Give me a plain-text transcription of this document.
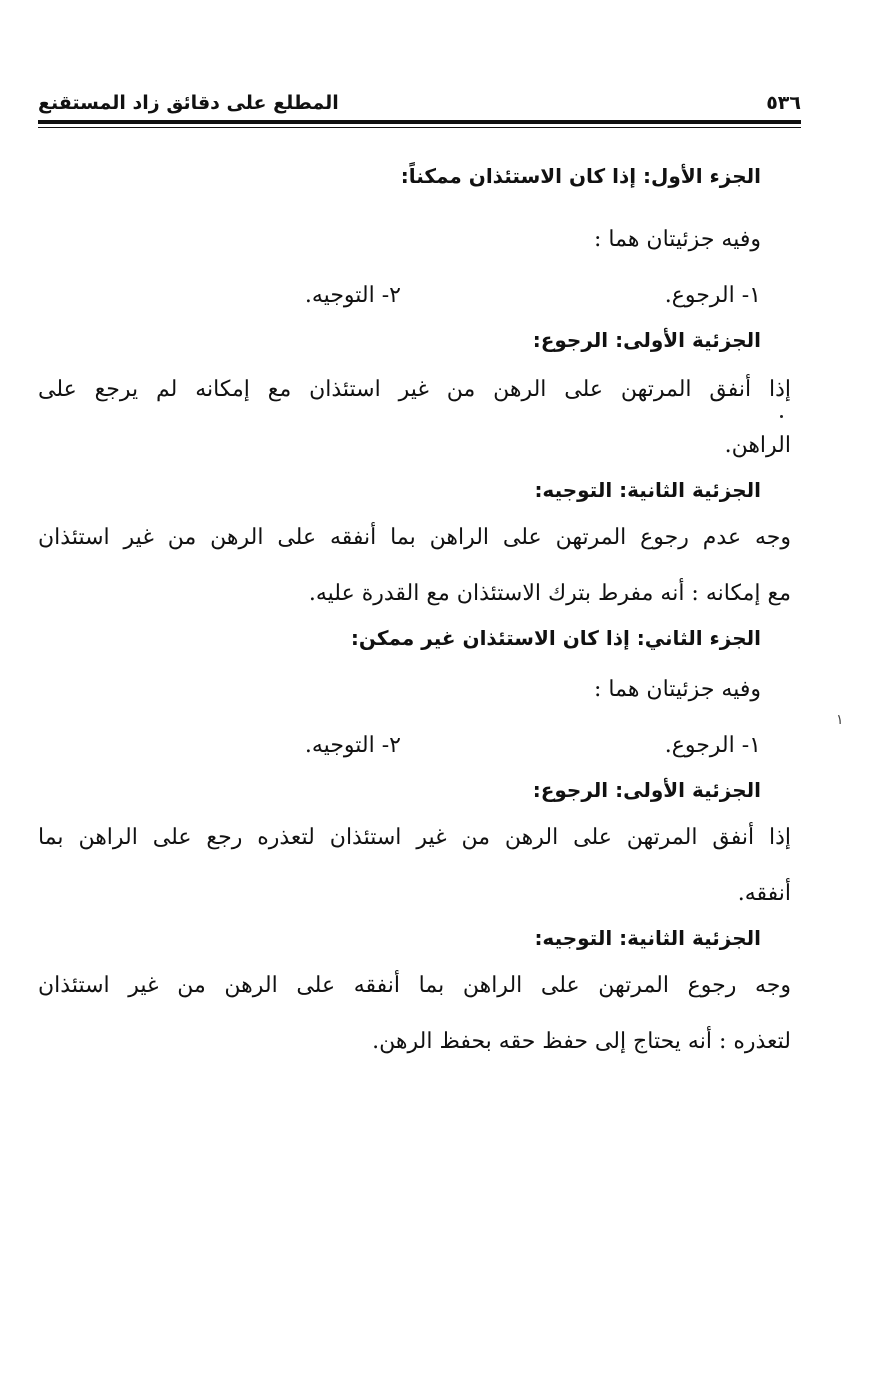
١
٥٣٦
المطلع على دقائق زاد المستقنع
الجزء الأول: إذا كان الاستئذان ممكناً:
وفيه جزئيتان هما :
١- الرجوع.
٢- التوجيه.
الجزئية الأولى: الرجوع:
إذا أنفق المرتهن على الرهن من غير استئذان مع إمكانه لم يرجع على
الراهن.
الجزئية الثانية: التوجيه:
وجه عدم رجوع المرتهن على الراهن بما أنفقه على الرهن من غير استئذان
مع إمكانه : أنه مفرط بترك الاستئذان مع القدرة عليه.
الجزء الثاني: إذا كان الاستئذان غير ممكن:
وفيه جزئيتان هما :
١- الرجوع.
٢- التوجيه.
الجزئية الأولى: الرجوع:
إذا أنفق المرتهن على الرهن من غير استئذان لتعذره رجع على الراهن بما
أنفقه.
الجزئية الثانية: التوجيه:
وجه رجوع المرتهن على الراهن بما أنفقه على الرهن من غير استئذان
لتعذره : أنه يحتاج إلى حفظ حقه بحفظ الرهن.
